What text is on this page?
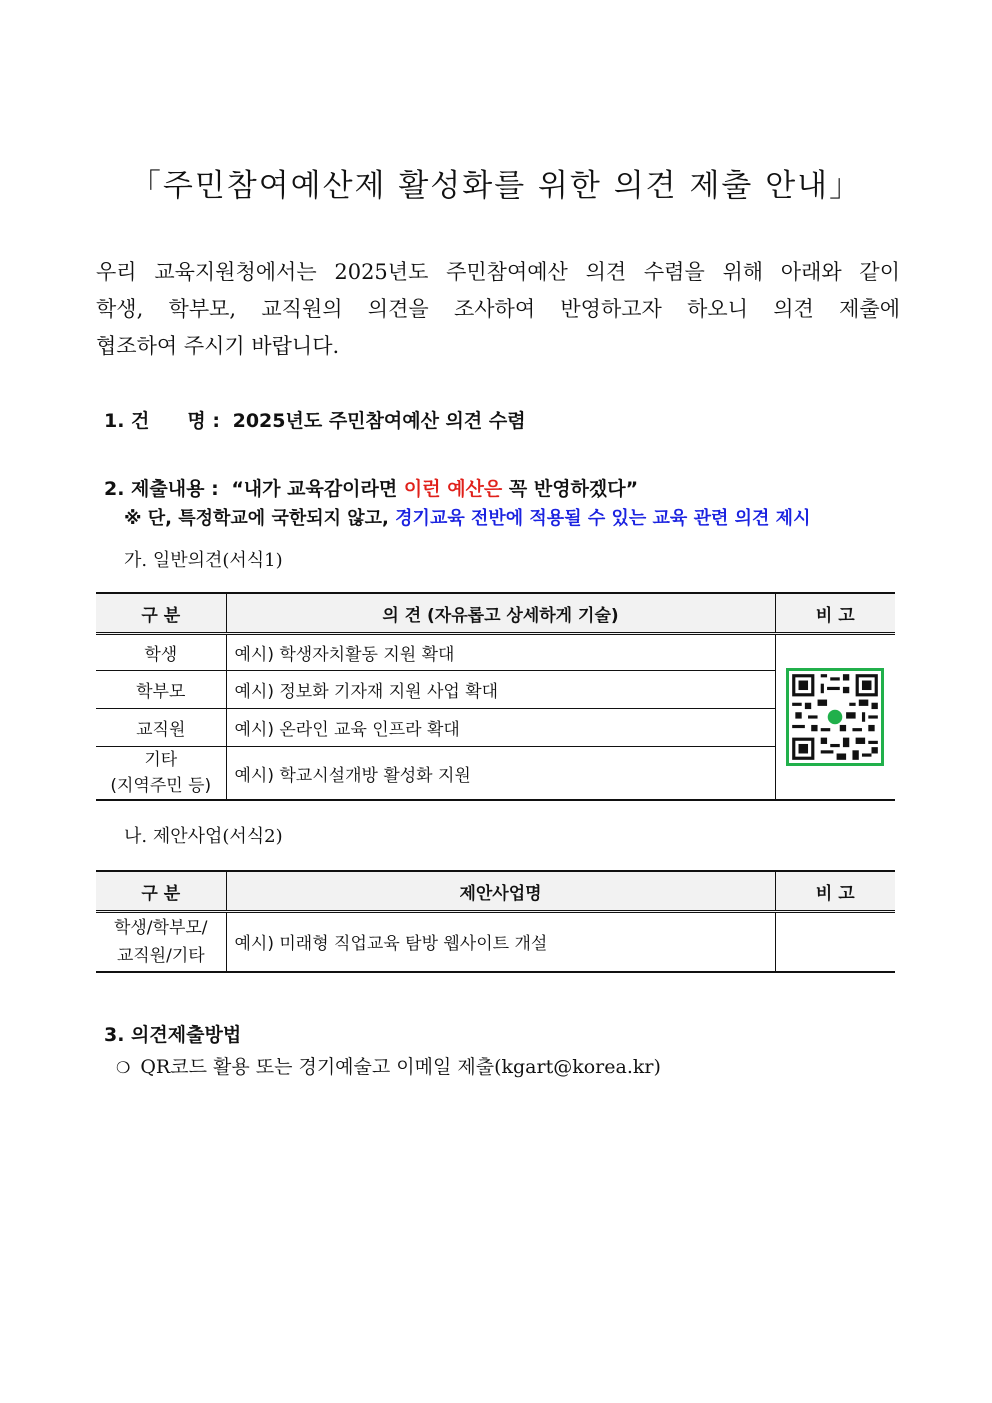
「주민참여예산제 활성화를 위한 의견 제출 안내」

우리 교육지원청에서는 2025년도 주민참여예산 의견 수렴을 위해 아래와 같이

학생, 학부모, 교직원의 의견을 조사하여 반영하고자 하오니 의견 제출에

협조하여 주시기 바랍니다.

1. 건　　명 : 2025년도 주민참여예산 의견 수렴
2. 제출내용 : “내가 교육감이라면 이런 예산은 꼭 반영하겠다”
※ 단, 특정학교에 국한되지 않고, 경기교육 전반에 적용될 수 있는 교육 관련 의견 제시
가. 일반의견(서식1)
구 분	의 견 (자유롭고 상세하게 기술)	비 고
학생	예시) 학생자치활동 지원 확대	

학부모	예시) 정보화 기자재 지원 사업 확대	
교직원	예시) 온라인 교육 인프라 확대	

기타
(지역주민 등)	예시) 학교시설개방 활성화 지원	
나. 제안사업(서식2)
구 분	제안사업명	비 고

학생/학부모/
교직원/기타	예시) 미래형 직업교육 탐방 웹사이트 개설	
3. 의견제출방법
❍ QR코드 활용 또는 경기예술고 이메일 제출(kgart@korea.kr)
